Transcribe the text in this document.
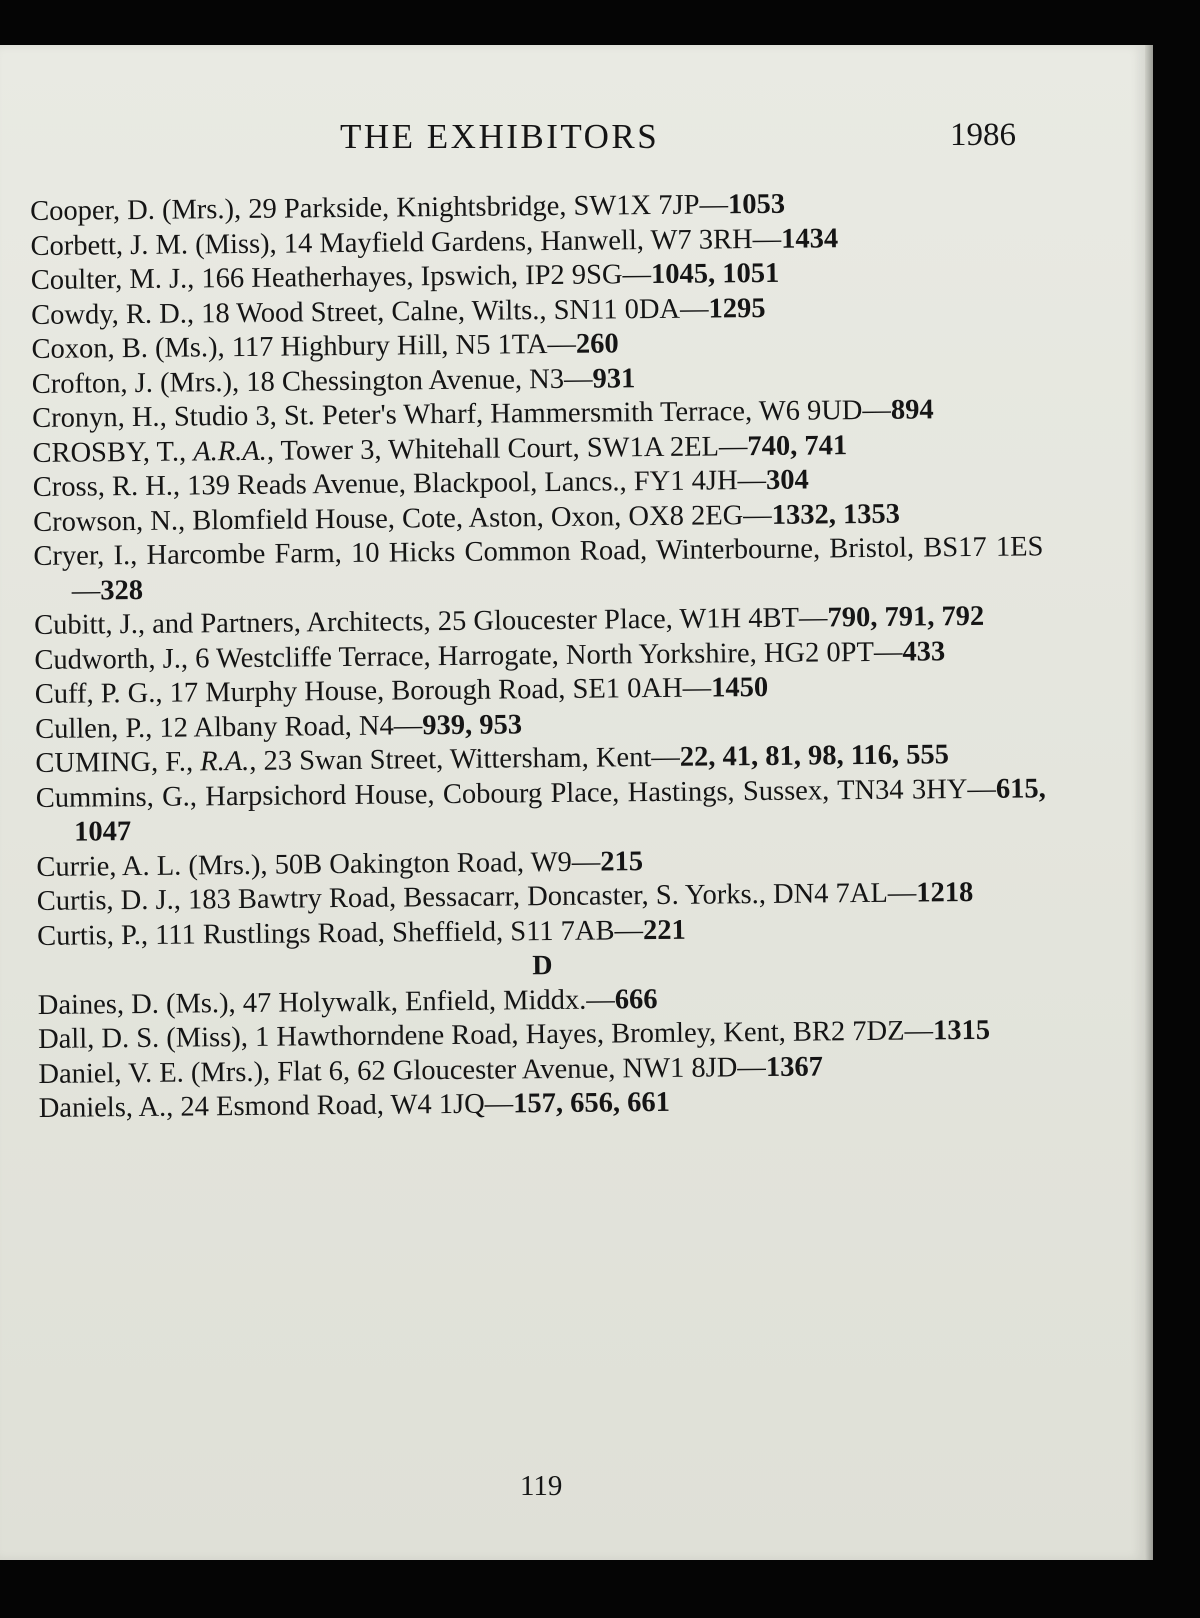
THE EXHIBITORS	1986
Cooper, D. (Mrs.), 29 Parkside, Knightsbridge, SW1X 7JP—1053
Corbett, J. M. (Miss), 14 Mayfield Gardens, Hanwell, W7 3RH—1434
Coulter, M. J., 166 Heatherhayes, Ipswich, IP2 9SG—1045, 1051
Cowdy, R. D., 18 Wood Street, Calne, Wilts., SN11 0DA—1295
Coxon, B. (Ms.), 117 Highbury Hill, N5 1TA—260
Crofton, J. (Mrs.), 18 Chessington Avenue, N3—931
Cronyn, H., Studio 3, St. Peter's Wharf, Hammersmith Terrace, W6 9UD—894
CROSBY, T., A.R.A., Tower 3, Whitehall Court, SW1A 2EL—740, 741
Cross, R. H., 139 Reads Avenue, Blackpool, Lancs., FY1 4JH—304
Crowson, N., Blomfield House, Cote, Aston, Oxon, OX8 2EG—1332, 1353
Cryer, I., Harcombe Farm, 10 Hicks Common Road, Winterbourne, Bristol, BS17 1ES—328
Cubitt, J., and Partners, Architects, 25 Gloucester Place, W1H 4BT—790, 791, 792
Cudworth, J., 6 Westcliffe Terrace, Harrogate, North Yorkshire, HG2 0PT—433
Cuff, P. G., 17 Murphy House, Borough Road, SE1 0AH—1450
Cullen, P., 12 Albany Road, N4—939, 953
CUMING, F., R.A., 23 Swan Street, Wittersham, Kent—22, 41, 81, 98, 116, 555
Cummins, G., Harpsichord House, Cobourg Place, Hastings, Sussex, TN34 3HY—615, 1047
Currie, A. L. (Mrs.), 50B Oakington Road, W9—215
Curtis, D. J., 183 Bawtry Road, Bessacarr, Doncaster, S. Yorks., DN4 7AL—1218
Curtis, P., 111 Rustlings Road, Sheffield, S11 7AB—221
D
Daines, D. (Ms.), 47 Holywalk, Enfield, Middx.—666
Dall, D. S. (Miss), 1 Hawthorndene Road, Hayes, Bromley, Kent, BR2 7DZ—1315
Daniel, V. E. (Mrs.), Flat 6, 62 Gloucester Avenue, NW1 8JD—1367
Daniels, A., 24 Esmond Road, W4 1JQ—157, 656, 661
119
